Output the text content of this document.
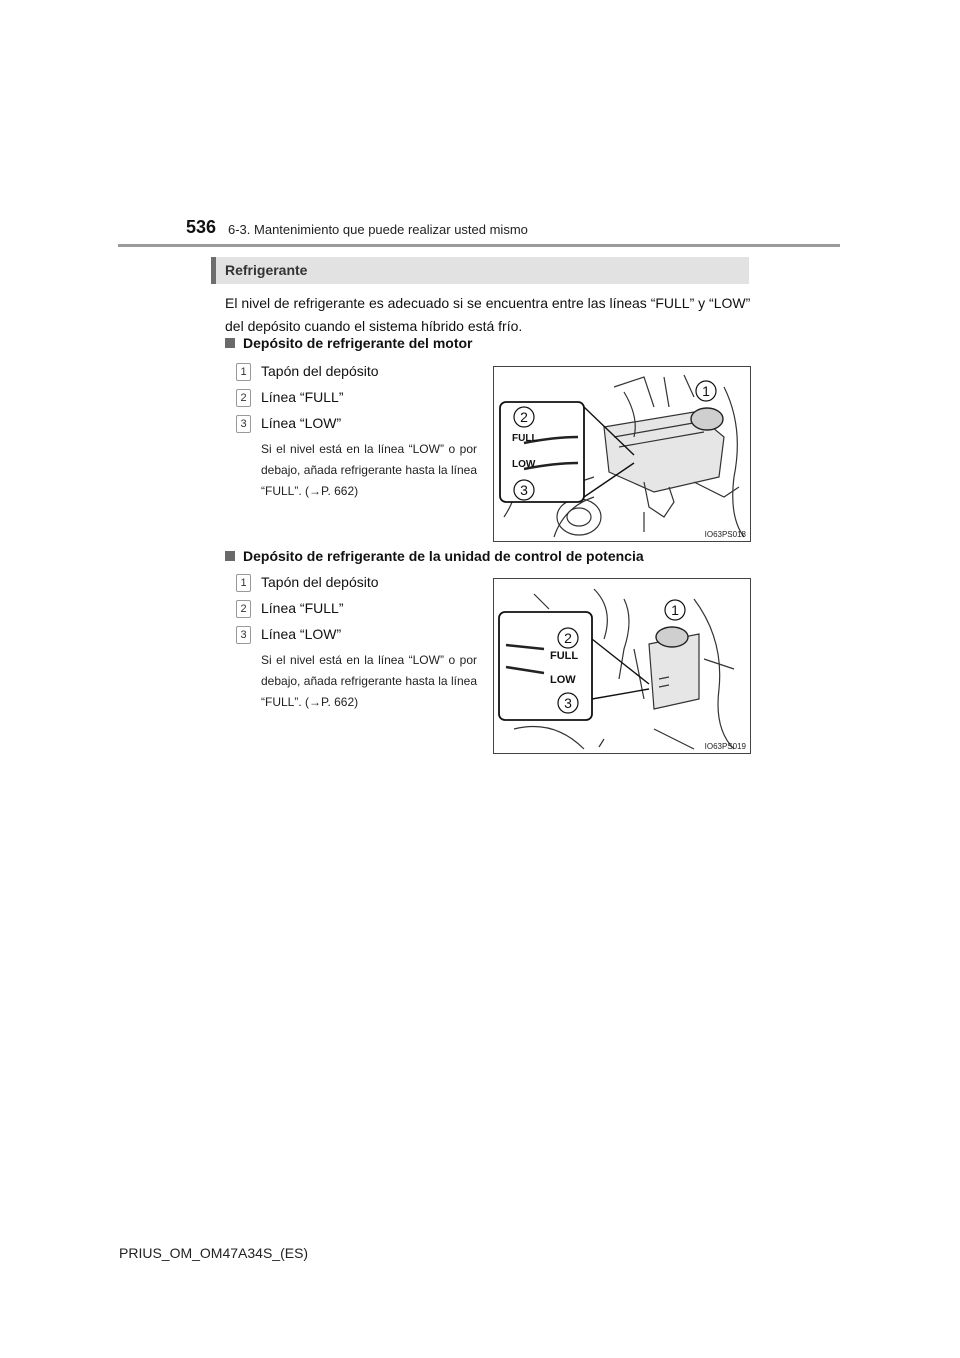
536 6-3. Mantenimiento que puede realizar usted mismo
Refrigerante
El nivel de refrigerante es adecuado si se encuentra entre las líneas “FULL” y “LOW” del depósito cuando el sistema híbrido está frío.
Depósito de refrigerante del motor
1 Tapón del depósito
2 Línea “FULL”
3 Línea “LOW”
Si el nivel está en la línea “LOW” o por debajo, añada refrigerante hasta la línea “FULL”. (→P. 662)
FULL
LOW
1
2
3
IO63PS018
Depósito de refrigerante de la unidad de control de potencia
1 Tapón del depósito
2 Línea “FULL”
3 Línea “LOW”
Si el nivel está en la línea “LOW” o por debajo, añada refrigerante hasta la línea “FULL”. (→P. 662)
FULL
LOW
1
2
3
IO63PS019
PRIUS_OM_OM47A34S_(ES)
